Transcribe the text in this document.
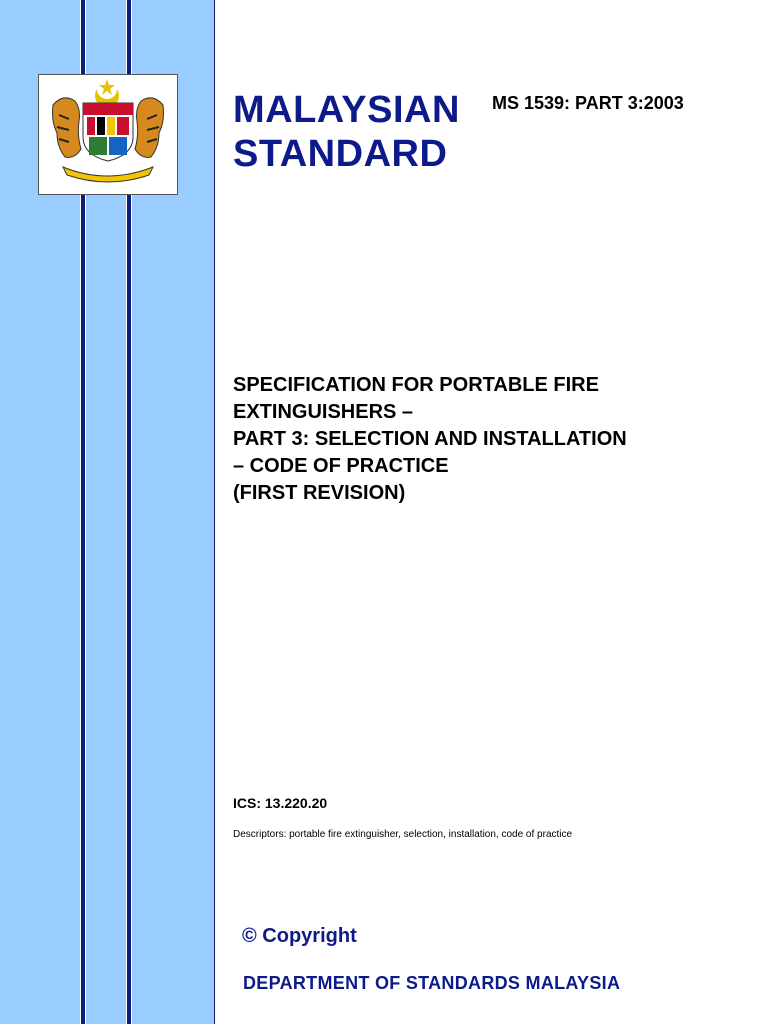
MALAYSIAN
STANDARD
MS 1539: PART 3:2003
SPECIFICATION FOR PORTABLE FIRE
EXTINGUISHERS –
PART 3: SELECTION AND INSTALLATION
– CODE OF PRACTICE
(FIRST REVISION)
ICS: 13.220.20
Descriptors: portable fire extinguisher, selection, installation, code of practice
© Copyright
DEPARTMENT OF STANDARDS MALAYSIA
